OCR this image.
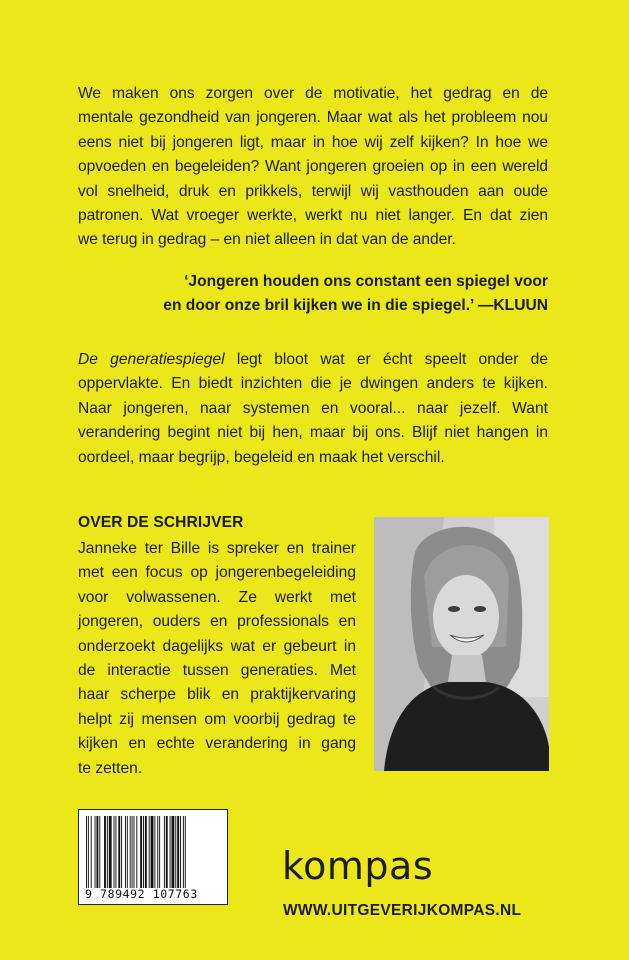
We maken ons zorgen over de motivatie, het gedrag en de
mentale gezondheid van jongeren. Maar wat als het probleem nou
eens niet bij jongeren ligt, maar in hoe wij zelf kijken? In hoe we
opvoeden en begeleiden? Want jongeren groeien op in een wereld
vol snelheid, druk en prikkels, terwijl wij vasthouden aan oude
patronen. Wat vroeger werkte, werkt nu niet langer. En dat zien
we terug in gedrag – en niet alleen in dat van de ander.

‘Jongeren houden ons constant een spiegel voor
en door onze bril kijken we in die spiegel.’ —KLUUN

De generatiespiegel legt bloot wat er écht speelt onder de
oppervlakte. En biedt inzichten die je dwingen anders te kijken.
Naar jongeren, naar systemen en vooral... naar jezelf. Want
verandering begint niet bij hen, maar bij ons. Blijf niet hangen in
oordeel, maar begrijp, begeleid en maak het verschil.

OVER DE SCHRIJVER

Janneke ter Bille is spreker en trainer
met een focus op jongerenbegeleiding
voor volwassenen. Ze werkt met
jongeren, ouders en professionals en
onderzoekt dagelijks wat er gebeurt in
de interactie tussen generaties. Met
haar scherpe blik en praktijkervaring
helpt zij mensen om voorbij gedrag te
kijken en echte verandering in gang
te zetten.

9 789492 107763
kompas

WWW.UITGEVERIJKOMPAS.NL
